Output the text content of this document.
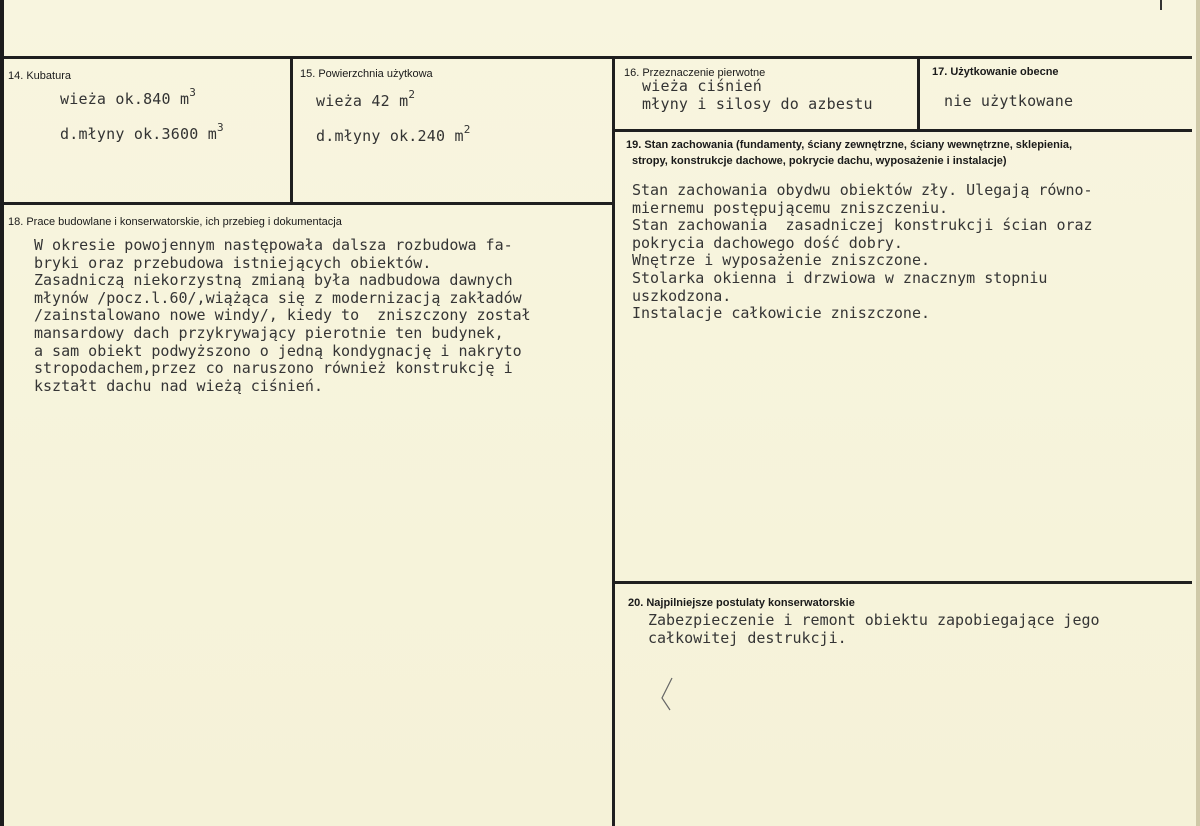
14. Kubatura
wieża ok.840 $m^3$
d.młyny ok.3600 $m^3$
15. Powierzchnia użytkowa
wieża 42 $m^2$
d.młyny ok.240 $m^2$
16. Przeznaczenie pierwotne
wieża ciśnień
młyny i silosy do azbestu
17. Użytkowanie obecne
nie użytkowane
18. Prace budowlane i konserwatorskie, ich przebieg i dokumentacja
W okresie powojennym następowała dalsza rozbudowa fa-
bryki oraz przebudowa istniejących obiektów.
Zasadniczą niekorzystną zmianą była nadbudowa dawnych
młynów /pocz.l.60/,wiążąca się z modernizacją zakładów
/zainstalowano nowe windy/, kiedy to  zniszczony został
mansardowy dach przykrywający pierotnie ten budynek,
a sam obiekt podwyższono o jedną kondygnację i nakryto
stropodachem,przez co naruszono również konstrukcję i
kształt dachu nad wieżą ciśnień.
19. Stan zachowania (fundamenty, ściany zewnętrzne, ściany wewnętrzne, sklepienia,
stropy, konstrukcje dachowe, pokrycie dachu, wyposażenie i instalacje)
Stan zachowania obydwu obiektów zły. Ulegają równo-
miernemu postępującemu zniszczeniu.
Stan zachowania  zasadniczej konstrukcji ścian oraz
pokrycia dachowego dość dobry.
Wnętrze i wyposażenie zniszczone.
Stolarka okienna i drzwiowa w znacznym stopniu
uszkodzona.
Instalacje całkowicie zniszczone.
20. Najpilniejsze postulaty konserwatorskie
Zabezpieczenie i remont obiektu zapobiegające jego
całkowitej destrukcji.
